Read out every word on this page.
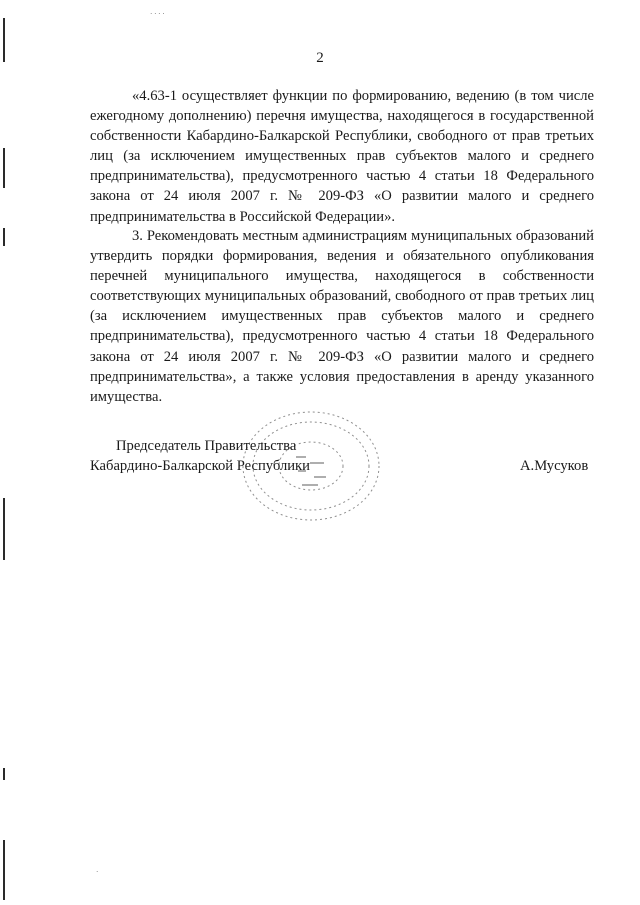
· · · ·
·
2

«4.63-1 осуществляет функции по формированию, ведению (в том числе ежегодному дополнению) перечня имущества, находящегося в государственной собственности Кабардино-Балкарской Республики, свободного от прав третьих лиц (за исключением имущественных прав субъектов малого и среднего предпринимательства), предусмотренного частью 4 статьи 18 Федерального закона от 24 июля 2007 г. № 209-ФЗ «О развитии малого и среднего предпринимательства в Российской Федерации».

3. Рекомендовать местным администрациям муниципальных образований утвердить порядки формирования, ведения и обязательного опубликования перечней муниципального имущества, находящегося в собственности соответствующих муниципальных образований, свободного от прав третьих лиц (за исключением имущественных прав субъектов малого и среднего предпринимательства), предусмотренного частью 4 статьи 18 Федерального закона от 24 июля 2007 г. № 209-ФЗ «О развитии малого и среднего предпринимательства», а также условия предоставления в аренду указанного имущества.

Председатель Правительства
Кабардино-Балкарской Республики	А.Мусуков
